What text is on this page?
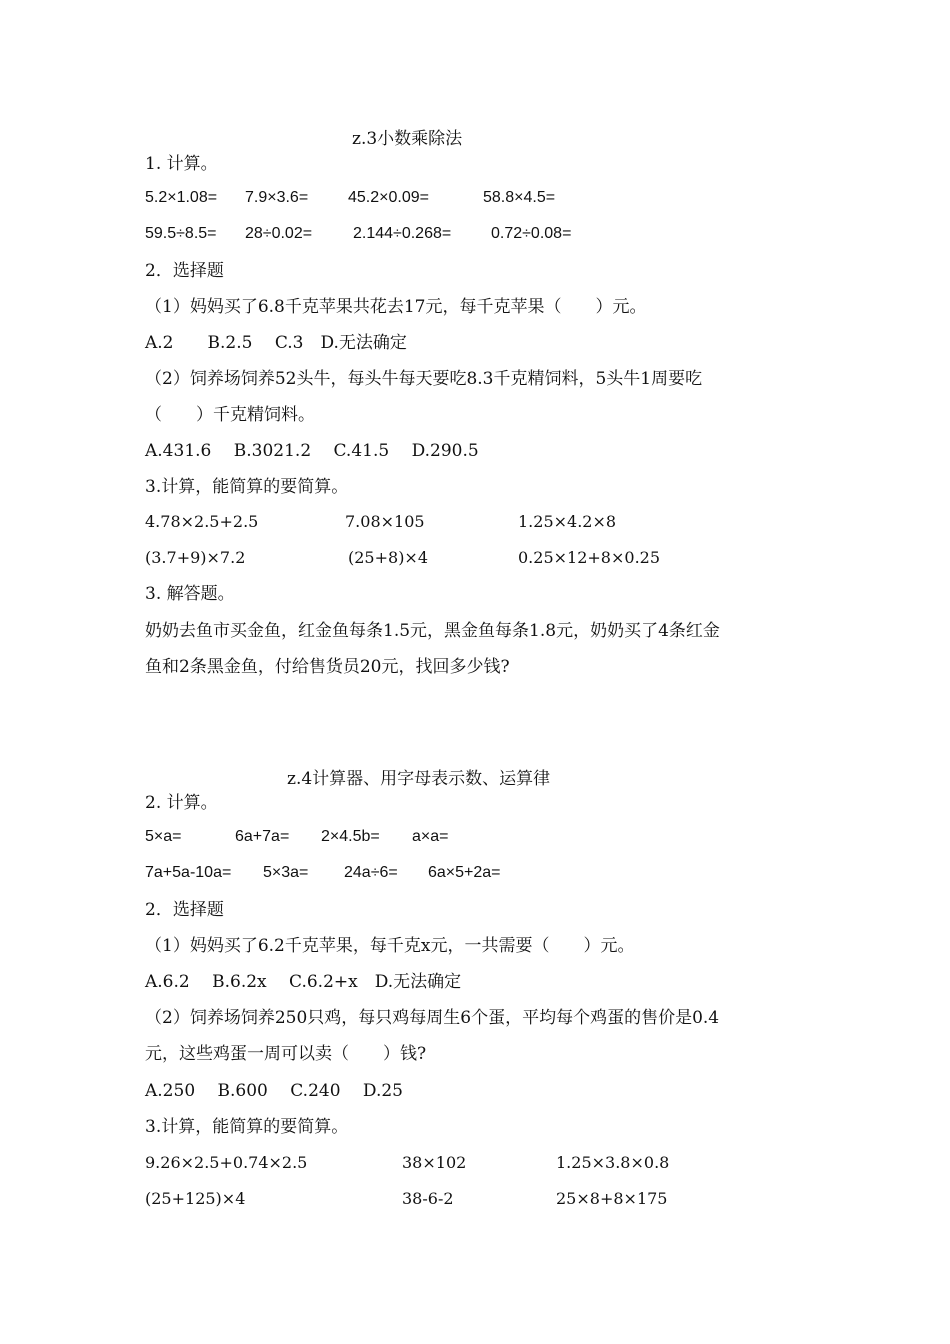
z.3小数乘除法
1. 计算。
5.2×1.08= 7.9×3.6= 45.2×0.09=	58.8×4.5=
59.5÷8.5= 28÷0.02=	2.144÷0.268= 0.72÷0.08=
2．选择题
（1）妈妈买了6.8千克苹果共花去17元，每千克苹果（　　）元。
A.2　　B.2.5　 C.3　D.无法确定
（2）饲养场饲养52头牛，每头牛每天要吃8.3千克精饲料，5头牛1周要吃
（　　）千克精饲料。
A.431.6　 B.3021.2　 C.41.5　 D.290.5
3.计算，能简算的要简算。
4.78×2.5+2.5	7.08×105	1.25×4.2×8
(3.7+9)×7.2	(25+8)×4	0.25×12+8×0.25
3. 解答题。
奶奶去鱼市买金鱼，红金鱼每条1.5元，黑金鱼每条1.8元，奶奶买了4条红金
鱼和2条黑金鱼，付给售货员20元，找回多少钱?
z.4计算器、用字母表示数、运算律
2. 计算。
5×a=	6a+7a= 2×4.5b= a×a=
7a+5a-10a= 5×3a= 24a÷6= 6a×5+2a=
2．选择题
（1）妈妈买了6.2千克苹果，每千克x元，一共需要（　　）元。
A.6.2　 B.6.2x　 C.6.2+x　D.无法确定
（2）饲养场饲养250只鸡，每只鸡每周生6个蛋，平均每个鸡蛋的售价是0.4
元，这些鸡蛋一周可以卖（　　）钱?
A.250　 B.600　 C.240　 D.25
3.计算，能简算的要简算。
9.26×2.5+0.74×2.5	38×102	1.25×3.8×0.8
(25+125)×4	38-6-2	25×8+8×175
